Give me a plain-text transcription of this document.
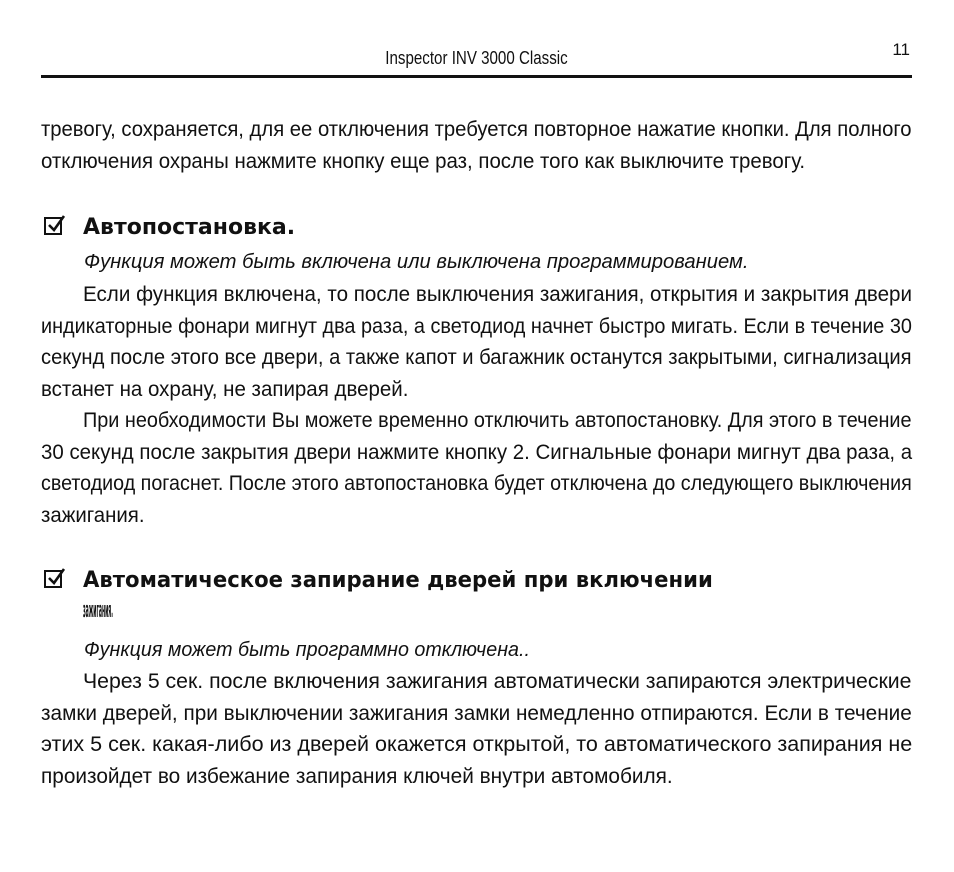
Inspector INV 3000 Classic	11

тревогу, сохраняется, для ее отключения требуется повторное нажатие кнопки. Для полного отключения охраны нажмите кнопку еще раз, после того как выключите тревогу.

Автопостановка.
Функция может быть включена или выключена программированием.

Если функция включена, то после выключения зажигания, открытия и закрытия двери индикаторные фонари мигнут два раза, а светодиод начнет быстро мигать. Если в течение 30 секунд после этого все двери, а также капот и багажник останутся закрытыми, сигнализация встанет на охрану, не запирая дверей.

При необходимости Вы можете временно отключить автопостановку. Для этого в течение 30 секунд после закрытия двери нажмите кнопку 2. Сигнальные фонари мигнут два раза, а светодиод погаснет. После этого автопостановка будет отключена до следующего выключения зажигания.

Автоматическое запирание дверей при включении
зажигания.
Функция может быть программно отключена..

Через 5 сек. после включения зажигания автоматически запираются электрические замки дверей, при выключении зажигания замки немедленно отпираются. Если в течение этих 5 сек. какая-либо из дверей окажется открытой, то автоматического запирания не произойдет во избежание запирания ключей внутри автомобиля.
